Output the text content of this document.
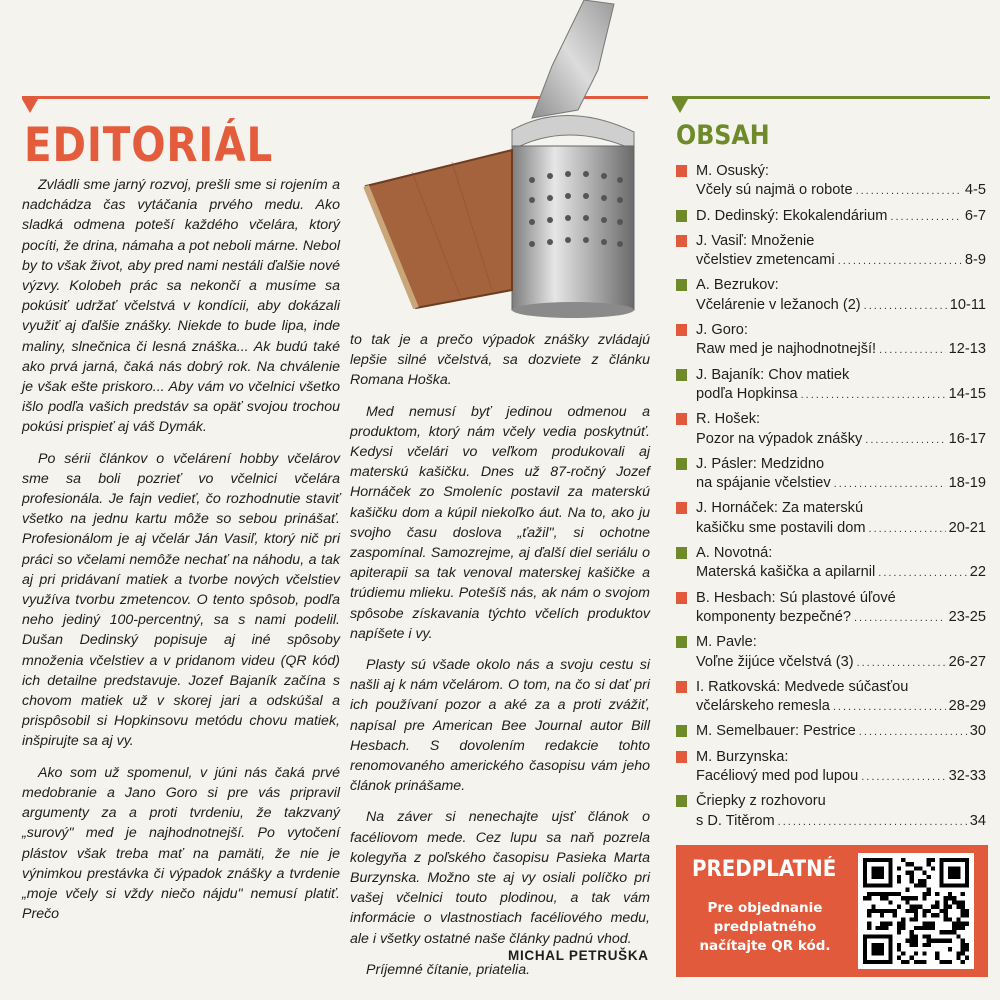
EDITORIÁL

Zvládli sme jarný rozvoj, prešli sme si rojením a nadchádza čas vytáčania prvého medu. Ako sladká odmena poteší každého včelára, ktorý pocíti, že drina, námaha a pot neboli márne. Nebol by to však život, aby pred nami nestáli ďalšie nové výzvy. Kolobeh prác sa nekončí a musíme sa pokúsiť udržať včelstvá v kondícii, aby dokázali využiť aj ďalšie znášky. Niekde to bude lipa, inde maliny, slnečnica či lesná znáška... Ak budú také ako prvá jarná, čaká nás dobrý rok. Na chválenie je však ešte priskoro... Aby vám vo včelnici všetko išlo podľa vašich predstáv sa opäť svojou trochou pokúsi prispieť aj váš Dymák.

Po sérii článkov o včelárení hobby včelárov sme sa boli pozrieť vo včelnici včelára profesionála. Je fajn vedieť, čo rozhodnutie staviť všetko na jednu kartu môže so sebou prinášať. Profesionálom je aj včelár Ján Vasiľ, ktorý nič pri práci so včelami nemôže nechať na náhodu, a tak aj pri pridávaní matiek a tvorbe nových včelstiev využíva tvorbu zmetencov. O tento spôsob, podľa neho jediný 100-percentný, sa s nami podelil. Dušan Dedinský popisuje aj iné spôsoby množenia včelstiev a v pridanom videu (QR kód) ich detailne predstavuje. Jozef Bajaník začína s chovom matiek už v skorej jari a odskúšal a prispôsobil si Hopkinsovu metódu chovu matiek, inšpirujte sa aj vy.

Ako som už spomenul, v júni nás čaká prvé medobranie a Jano Goro si pre vás pripravil argumenty za a proti tvrdeniu, že takzvaný „surový" med je najhodnotnejší. Po vytočení plástov však treba mať na pamäti, že nie je výnimkou prestávka či výpadok znášky a tvrdenie „moje včely si vždy niečo nájdu" nemusí platiť. Prečo

to tak je a prečo výpadok znášky zvládajú lepšie silné včelstvá, sa dozviete z článku Romana Hoška.

Med nemusí byť jedinou odmenou a produktom, ktorý nám včely vedia poskytnúť. Kedysi včelári vo veľkom produkovali aj materskú kašičku. Dnes už 87-ročný Jozef Hornáček zo Smoleníc postavil za materskú kašičku dom a kúpil niekoľko áut. Na to, ako ju svojho času doslova „ťažil", si ochotne zaspomínal. Samozrejme, aj ďalší diel seriálu o apiterapii sa tak venoval materskej kašičke a trúdiemu mlieku. Potešíš nás, ak nám o svojom spôsobe získavania týchto včelích produktov napíšete i vy.

Plasty sú všade okolo nás a svoju cestu si našli aj k nám včelárom. O tom, na čo si dať pri ich používaní pozor a aké za a proti zvážiť, napísal pre American Bee Journal autor Bill Hesbach. S dovolením redakcie tohto renomovaného amerického časopisu vám jeho článok prinášame.

Na záver si nenechajte ujsť článok o facéliovom mede. Cez lupu sa naň pozrela kolegyňa z poľského časopisu Pasieka Marta Burzynska. Možno ste aj vy osiali políčko pri vašej včelnici touto plodinou, a tak vám informácie o vlastnostiach facéliového medu, ale i všetky ostatné naše články padnú vhod.

Príjemné čítanie, priatelia.

MICHAL PETRUŠKA
OBSAH
M. Osuský:
Včely sú najmä o robote .....	4-5
D. Dedinský: Ekokalendárium .....	6-7
J. Vasiľ: Množenie
včelstiev zmetencami .....	8-9
A. Bezrukov:
Včelárenie v ležanoch (2) .....	10-11
J. Goro:
Raw med je najhodnotnejší! .....	12-13
J. Bajaník: Chov matiek
podľa Hopkinsa .....	14-15
R. Hošek:
Pozor na výpadok znášky .....	16-17
J. Pásler: Medzidno
na spájanie včelstiev .....	18-19
J. Hornáček: Za materskú
kašičku sme postavili dom .....	20-21
A. Novotná:
Materská kašička a apilarnil .....	22
B. Hesbach: Sú plastové úľové
komponenty bezpečné? .....	23-25
M. Pavle:
Voľne žijúce včelstvá (3) .....	26-27
I. Ratkovská: Medvede súčasťou
včelárskeho remesla .....	28-29
M. Semelbauer: Pestrice .....	30
M. Burzynska:
Facéliový med pod lupou .....	32-33
Čriepky z rozhovoru
s D. Titěrom .....	34
PREDPLATNÉ
Pre objednanie predplatného načítajte QR kód.
